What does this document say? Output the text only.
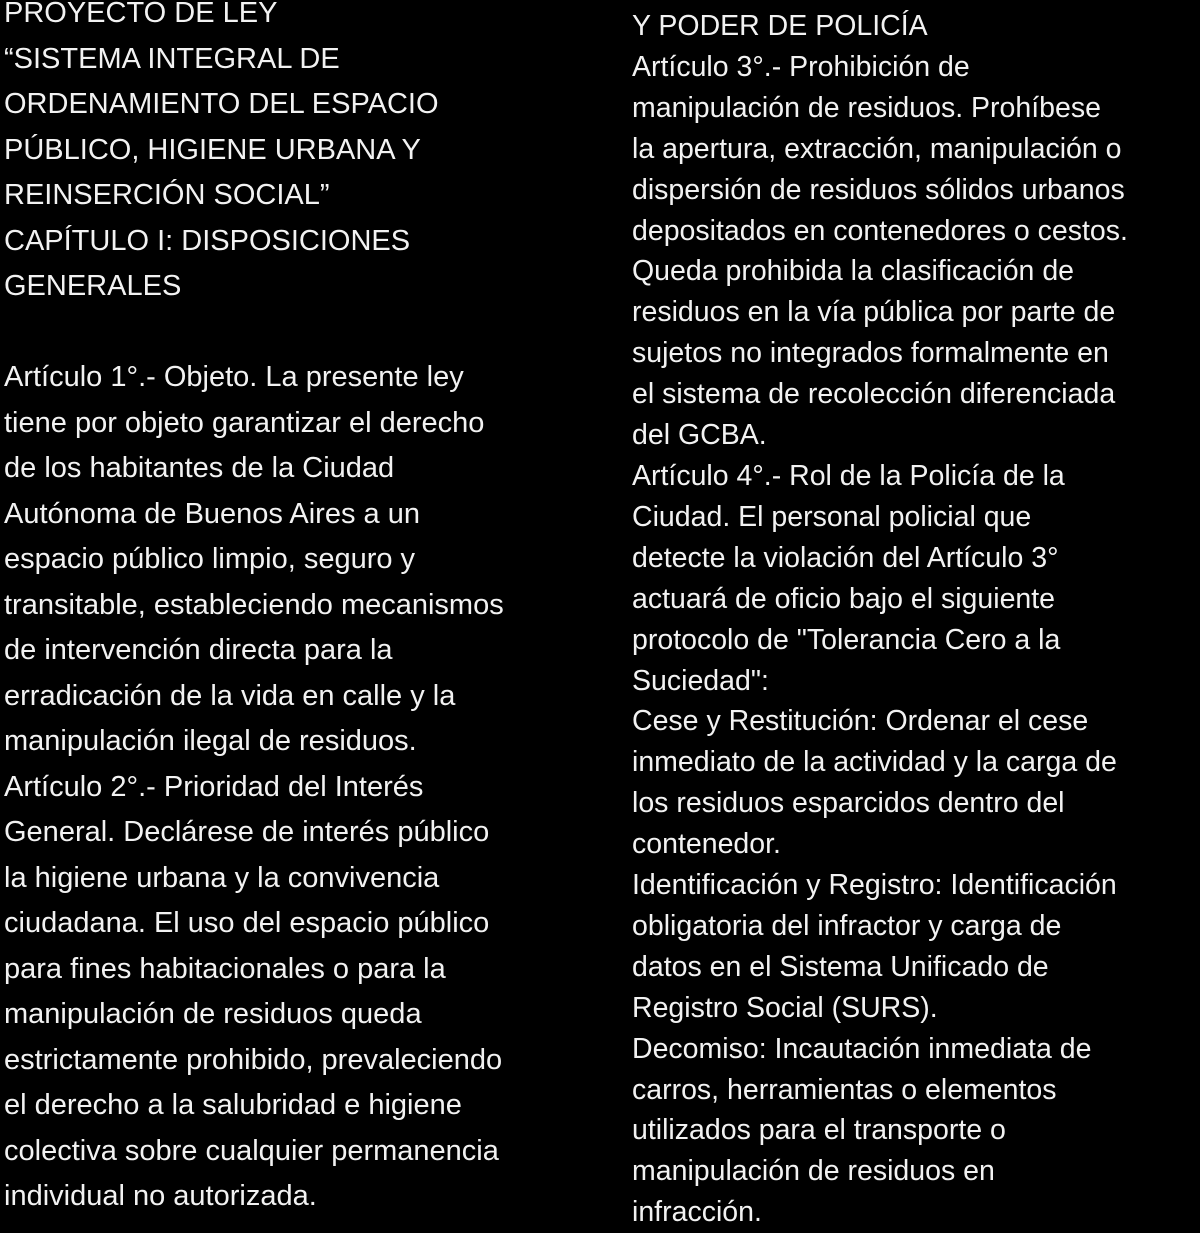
PROYECTO DE LEY
“SISTEMA INTEGRAL DE
ORDENAMIENTO DEL ESPACIO
PÚBLICO, HIGIENE URBANA Y
REINSERCIÓN SOCIAL”
CAPÍTULO I: DISPOSICIONES
GENERALES
Artículo 1°.- Objeto. La presente ley
tiene por objeto garantizar el derecho
de los habitantes de la Ciudad
Autónoma de Buenos Aires a un
espacio público limpio, seguro y
transitable, estableciendo mecanismos
de intervención directa para la
erradicación de la vida en calle y la
manipulación ilegal de residuos.
Artículo 2°.- Prioridad del Interés
General. Declárese de interés público
la higiene urbana y la convivencia
ciudadana. El uso del espacio público
para fines habitacionales o para la
manipulación de residuos queda
estrictamente prohibido, prevaleciendo
el derecho a la salubridad e higiene
colectiva sobre cualquier permanencia
individual no autorizada.
Y PODER DE POLICÍA
Artículo 3°.- Prohibición de
manipulación de residuos. Prohíbese
la apertura, extracción, manipulación o
dispersión de residuos sólidos urbanos
depositados en contenedores o cestos.
Queda prohibida la clasificación de
residuos en la vía pública por parte de
sujetos no integrados formalmente en
el sistema de recolección diferenciada
del GCBA.
Artículo 4°.- Rol de la Policía de la
Ciudad. El personal policial que
detecte la violación del Artículo 3°
actuará de oficio bajo el siguiente
protocolo de "Tolerancia Cero a la
Suciedad":
Cese y Restitución: Ordenar el cese
inmediato de la actividad y la carga de
los residuos esparcidos dentro del
contenedor.
Identificación y Registro: Identificación
obligatoria del infractor y carga de
datos en el Sistema Unificado de
Registro Social (SURS).
Decomiso: Incautación inmediata de
carros, herramientas o elementos
utilizados para el transporte o
manipulación de residuos en
infracción.
